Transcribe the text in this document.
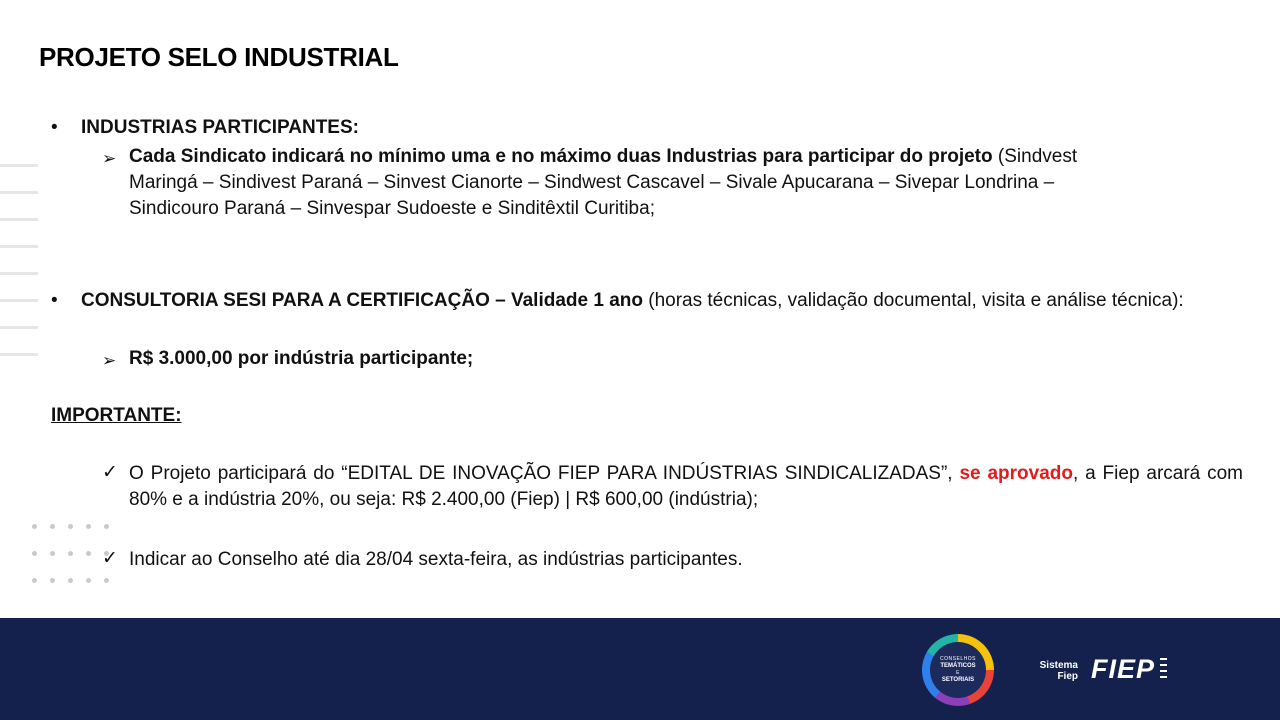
PROJETO SELO INDUSTRIAL
• INDUSTRIAS PARTICIPANTES:
➢ Cada Sindicato indicará no mínimo uma e no máximo duas Industrias para participar do projeto (Sindvest
Maringá – Sindivest Paraná – Sinvest Cianorte – Sindwest Cascavel – Sivale Apucarana – Sivepar Londrina –
Sindicouro Paraná – Sinvespar Sudoeste e Sinditêxtil Curitiba;
• CONSULTORIA SESI PARA A CERTIFICAÇÃO – Validade 1 ano (horas técnicas, validação documental, visita e análise técnica):
➢ R$ 3.000,00 por indústria participante;
IMPORTANTE:
✓ O Projeto participará do “EDITAL DE INOVAÇÃO FIEP PARA INDÚSTRIAS SINDICALIZADAS”, se aprovado, a Fiep arcará com 80% e a indústria 20%, ou seja: R$ 2.400,00 (Fiep) | R$ 600,00 (indústria);
✓ Indicar ao Conselho até dia 28/04 sexta-feira, as indústrias participantes.
CONSELHOS
TEMÁTICOS
E
SETORIAIS
Sistema
Fiep FIEP
